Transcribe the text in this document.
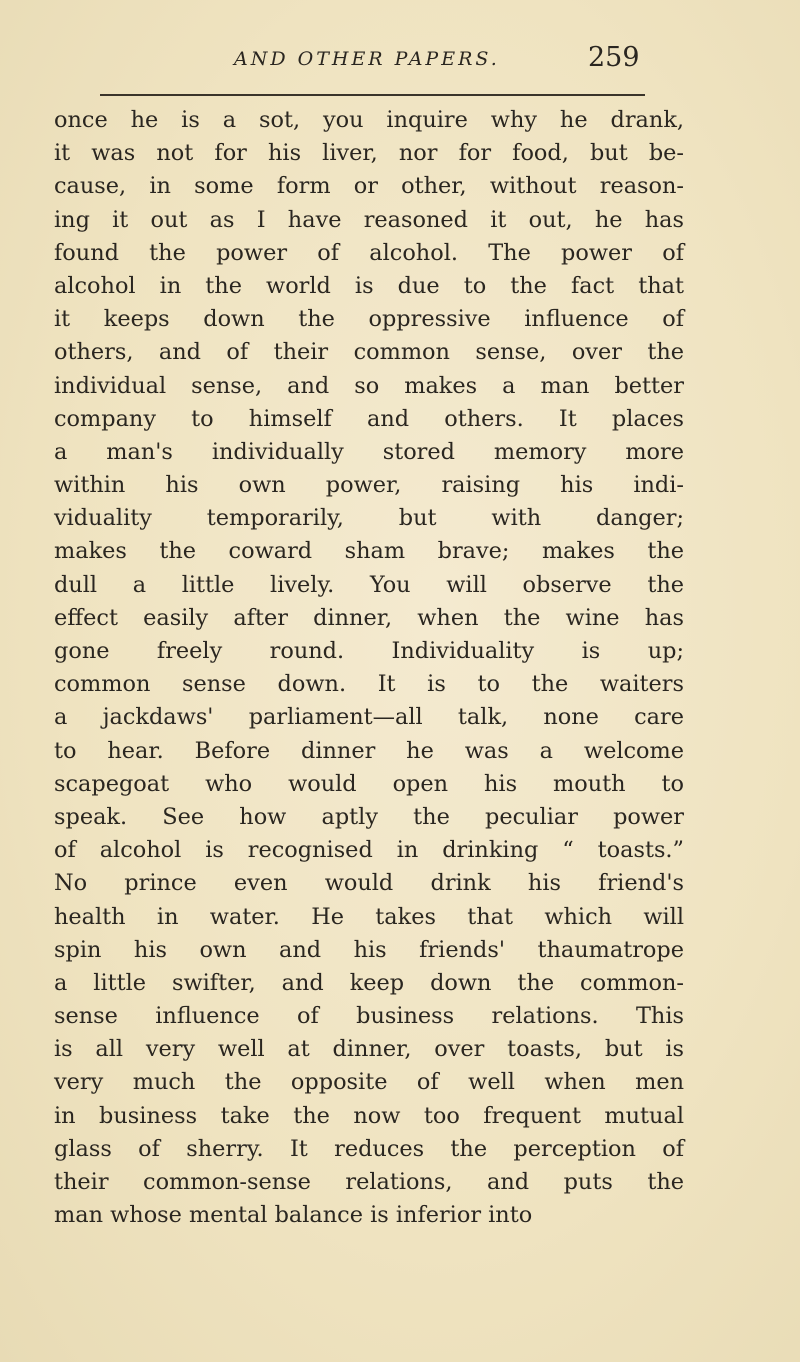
AND OTHER PAPERS.	259
once he is a sot, you inquire why he drank,
it was not for his liver, nor for food, but be-
cause, in some form or other, without reason-
ing it out as I have reasoned it out, he has
found the power of alcohol. The power of
alcohol in the world is due to the fact that
it keeps down the oppressive influence of
others, and of their common sense, over the
individual sense, and so makes a man better
company to himself and others. It places
a man's individually stored memory more
within his own power, raising his indi-
viduality temporarily, but with danger;
makes the coward sham brave; makes the
dull a little lively. You will observe the
effect easily after dinner, when the wine has
gone freely round. Individuality is up;
common sense down. It is to the waiters
a jackdaws' parliament—all talk, none care
to hear. Before dinner he was a welcome
scapegoat who would open his mouth to
speak. See how aptly the peculiar power
of alcohol is recognised in drinking “ toasts.”
No prince even would drink his friend's
health in water. He takes that which will
spin his own and his friends' thaumatrope
a little swifter, and keep down the common-
sense influence of business relations. This
is all very well at dinner, over toasts, but is
very much the opposite of well when men
in business take the now too frequent mutual
glass of sherry. It reduces the perception of
their common-sense relations, and puts the
man whose mental balance is inferior into
